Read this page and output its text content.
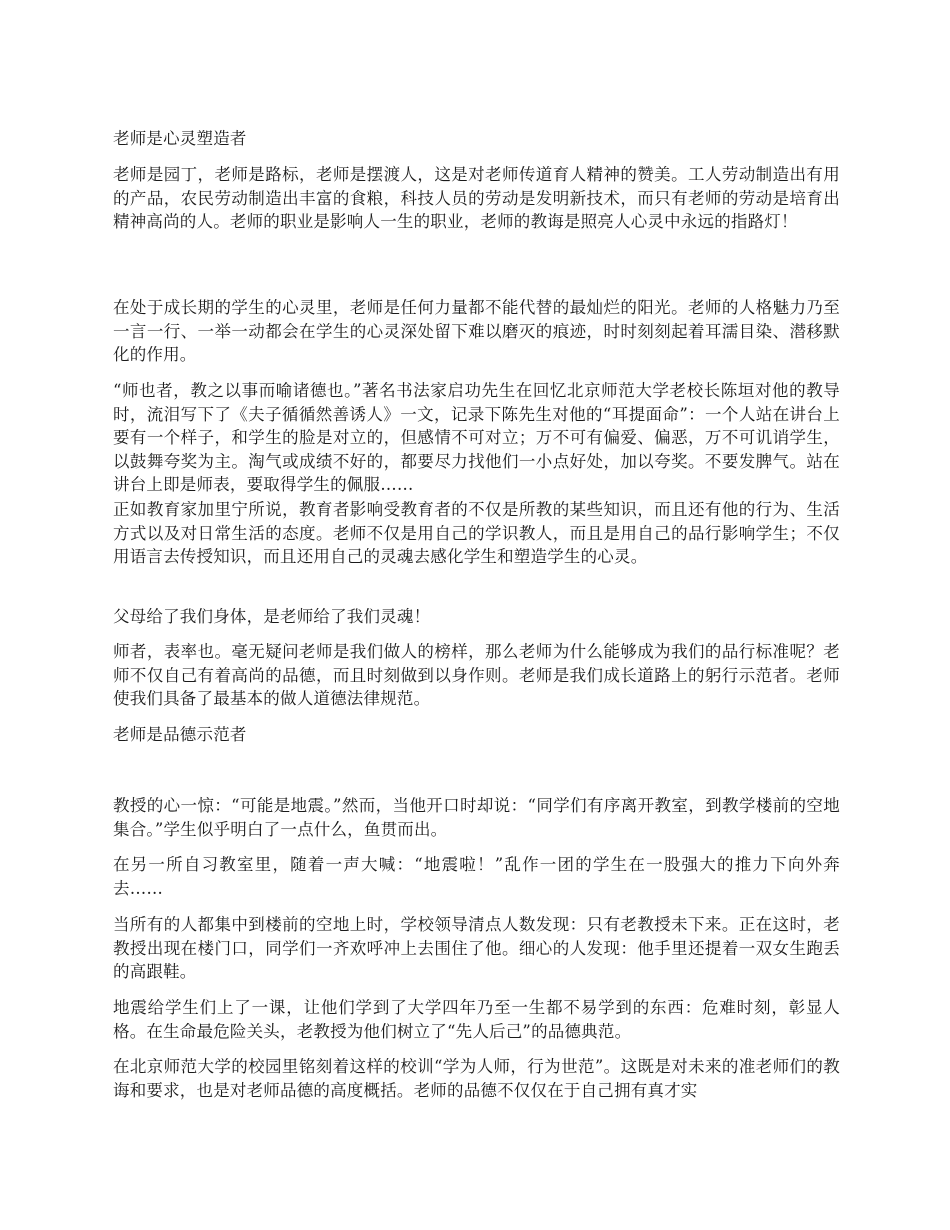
老师是心灵塑造者

老师是园丁，老师是路标，老师是摆渡人，这是对老师传道育人精神的赞美。工人劳动制造出有用的产品，农民劳动制造出丰富的食粮，科技人员的劳动是发明新技术，而只有老师的劳动是培育出精神高尚的人。老师的职业是影响人一生的职业，老师的教诲是照亮人心灵中永远的指路灯！

在处于成长期的学生的心灵里，老师是任何力量都不能代替的最灿烂的阳光。老师的人格魅力乃至一言一行、一举一动都会在学生的心灵深处留下难以磨灭的痕迹，时时刻刻起着耳濡目染、潜移默化的作用。

“师也者，教之以事而喻诸德也。”著名书法家启功先生在回忆北京师范大学老校长陈垣对他的教导时，流泪写下了《夫子循循然善诱人》一文，记录下陈先生对他的“耳提面命”：一个人站在讲台上要有一个样子，和学生的脸是对立的，但感情不可对立；万不可有偏爱、偏恶，万不可讥诮学生，以鼓舞夸奖为主。淘气或成绩不好的，都要尽力找他们一小点好处，加以夸奖。不要发脾气。站在讲台上即是师表，要取得学生的佩服……

正如教育家加里宁所说，教育者影响受教育者的不仅是所教的某些知识，而且还有他的行为、生活方式以及对日常生活的态度。老师不仅是用自己的学识教人，而且是用自己的品行影响学生；不仅用语言去传授知识，而且还用自己的灵魂去感化学生和塑造学生的心灵。

父母给了我们身体，是老师给了我们灵魂！

师者，表率也。毫无疑问老师是我们做人的榜样，那么老师为什么能够成为我们的品行标准呢？老师不仅自己有着高尚的品德，而且时刻做到以身作则。老师是我们成长道路上的躬行示范者。老师使我们具备了最基本的做人道德法律规范。

老师是品德示范者

教授的心一惊：“可能是地震。”然而，当他开口时却说：“同学们有序离开教室，到教学楼前的空地集合。”学生似乎明白了一点什么，鱼贯而出。

在另一所自习教室里，随着一声大喊：“地震啦！”乱作一团的学生在一股强大的推力下向外奔去……

当所有的人都集中到楼前的空地上时，学校领导清点人数发现：只有老教授未下来。正在这时，老教授出现在楼门口，同学们一齐欢呼冲上去围住了他。细心的人发现：他手里还提着一双女生跑丢的高跟鞋。

地震给学生们上了一课，让他们学到了大学四年乃至一生都不易学到的东西：危难时刻，彰显人格。在生命最危险关头，老教授为他们树立了“先人后己”的品德典范。

在北京师范大学的校园里铭刻着这样的校训“学为人师，行为世范”。这既是对未来的准老师们的教诲和要求，也是对老师品德的高度概括。老师的品德不仅仅在于自己拥有真才实
